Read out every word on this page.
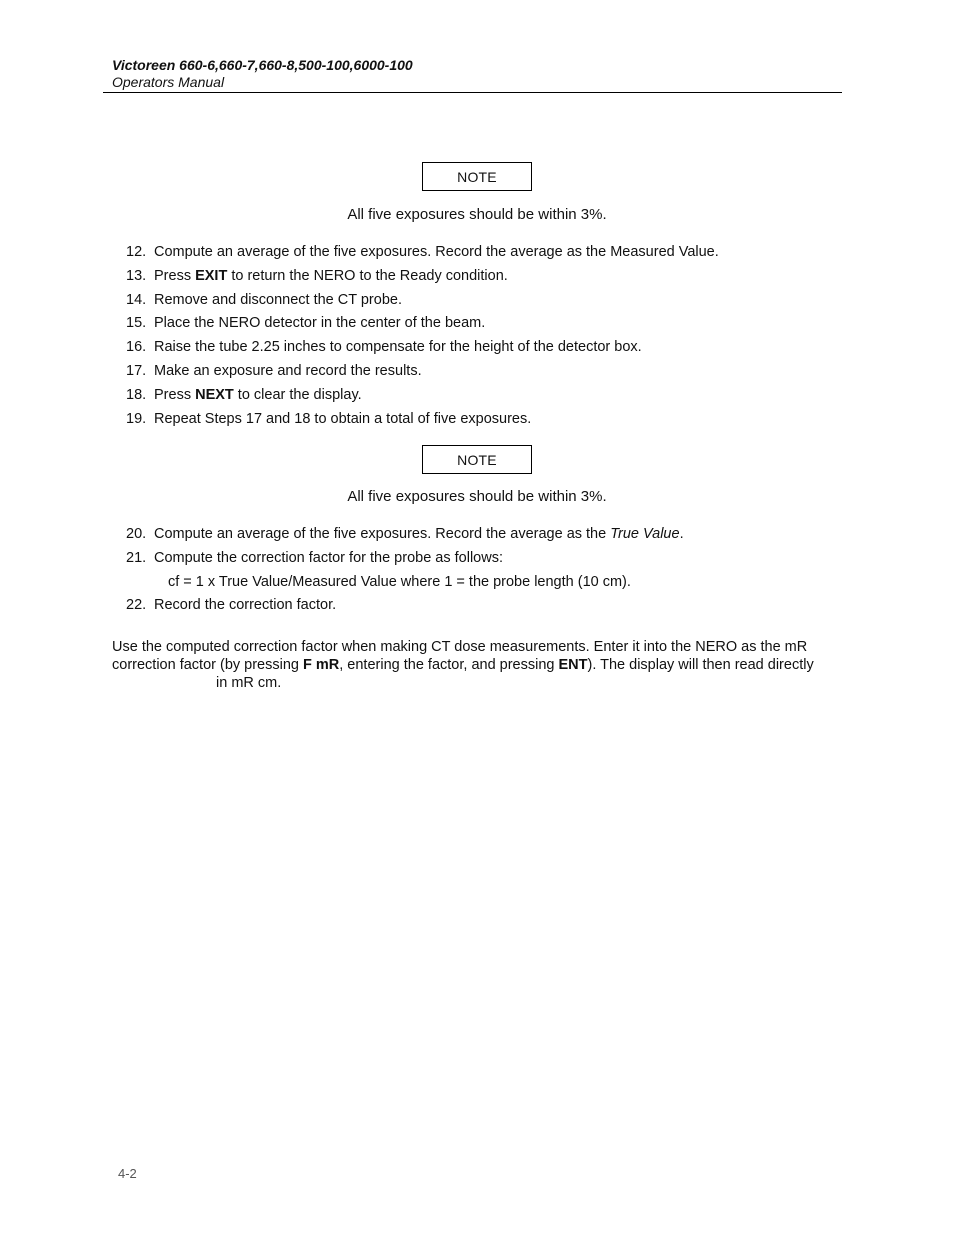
Victoreen 660-6,660-7,660-8,500-100,6000-100
Operators Manual
NOTE
All five exposures should be within 3%.
12. Compute an average of the five exposures. Record the average as the Measured Value.
13. Press EXIT to return the NERO to the Ready condition.
14. Remove and disconnect the CT probe.
15. Place the NERO detector in the center of the beam.
16. Raise the tube 2.25 inches to compensate for the height of the detector box.
17. Make an exposure and record the results.
18. Press NEXT to clear the display.
19. Repeat Steps 17 and 18 to obtain a total of five exposures.
NOTE
All five exposures should be within 3%.
20. Compute an average of the five exposures. Record the average as the True Value.
21. Compute the correction factor for the probe as follows:
cf = 1 x True Value/Measured Value where 1 = the probe length (10 cm).
22. Record the correction factor.
Use the computed correction factor when making CT dose measurements. Enter it into the NERO as the mR correction factor (by pressing F mR, entering the factor, and pressing ENT). The display will then read directlyin mR cm.
4-2
